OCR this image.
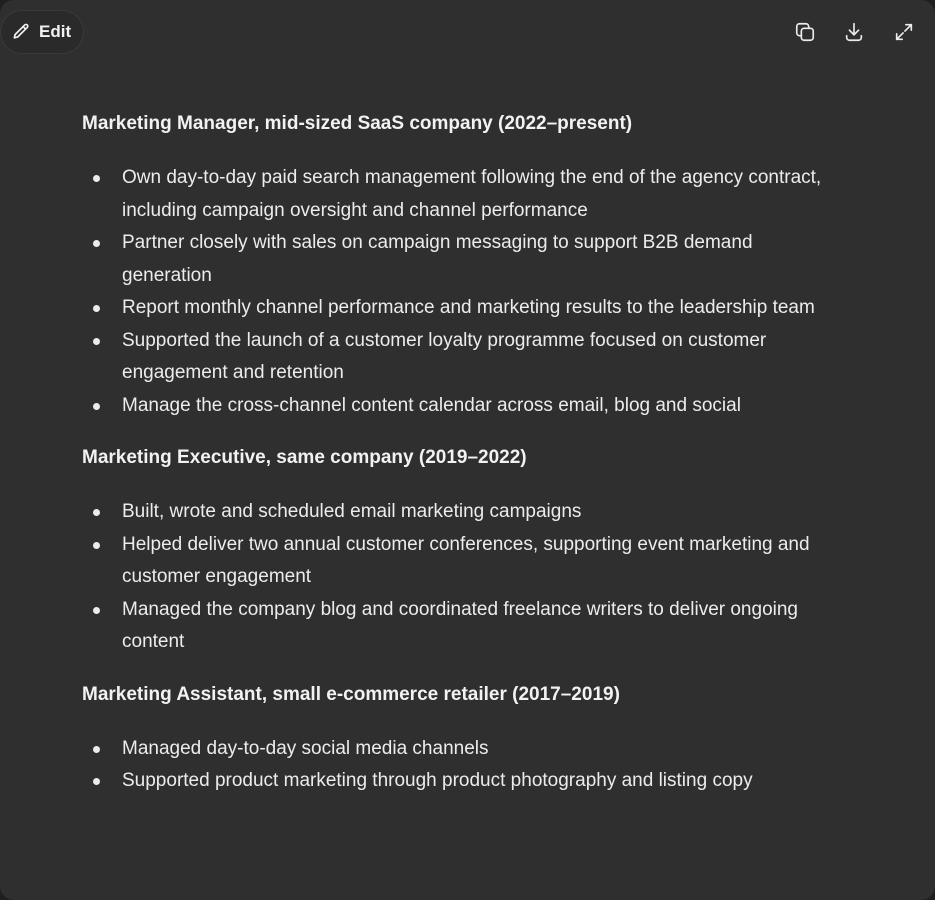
Edit
Marketing Manager, mid-sized SaaS company (2022–present)
Own day-to-day paid search management following the end of the agency contract, including campaign oversight and channel performance
Partner closely with sales on campaign messaging to support B2B demand generation
Report monthly channel performance and marketing results to the leadership team
Supported the launch of a customer loyalty programme focused on customer engagement and retention
Manage the cross-channel content calendar across email, blog and social
Marketing Executive, same company (2019–2022)
Built, wrote and scheduled email marketing campaigns
Helped deliver two annual customer conferences, supporting event marketing and customer engagement
Managed the company blog and coordinated freelance writers to deliver ongoing content
Marketing Assistant, small e-commerce retailer (2017–2019)
Managed day-to-day social media channels
Supported product marketing through product photography and listing copy
